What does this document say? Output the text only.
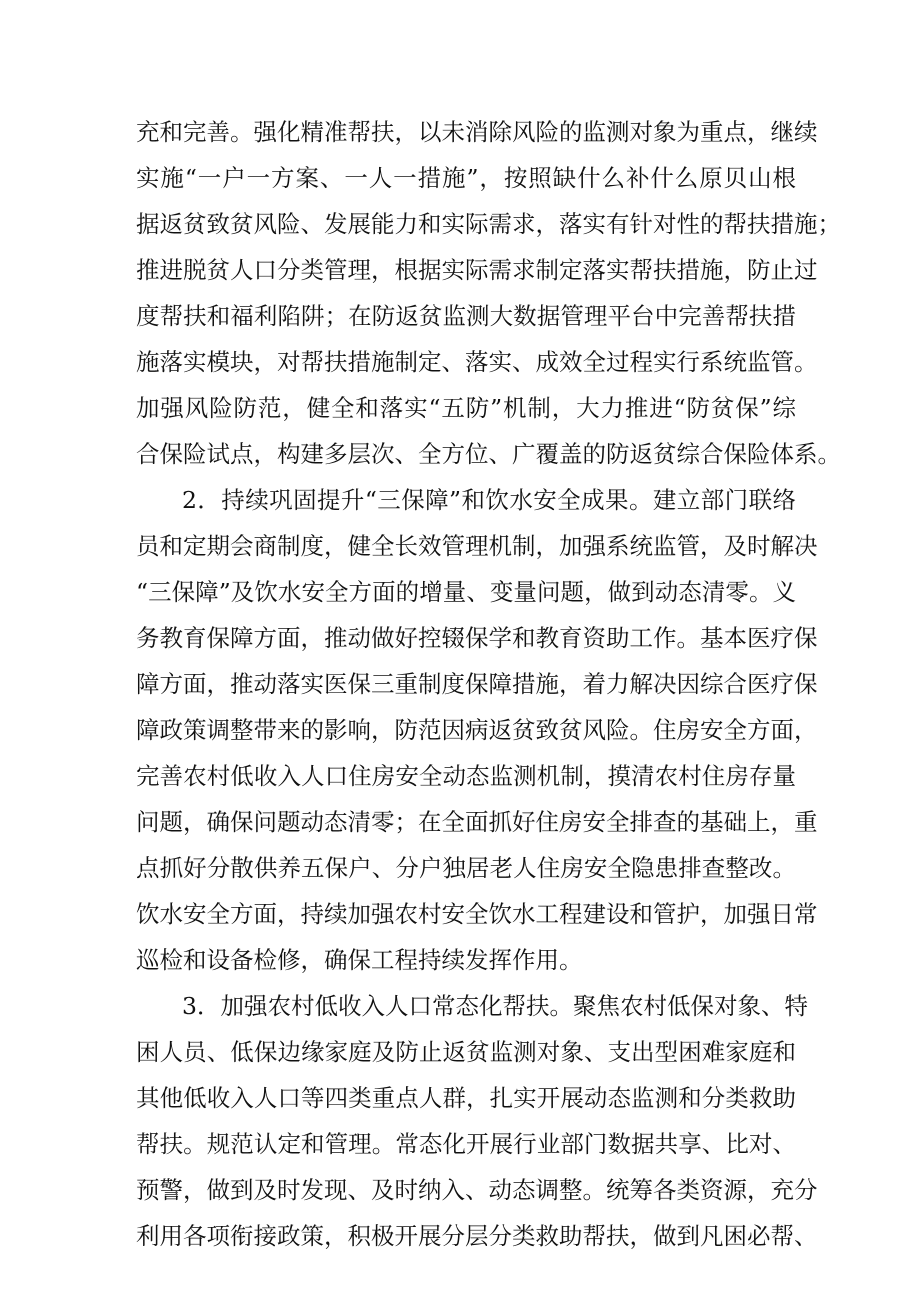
充和完善。强化精准帮扶，以未消除风险的监测对象为重点，继续
实施“一户一方案、一人一措施”，按照缺什么补什么原贝山根
据返贫致贫风险、发展能力和实际需求，落实有针对性的帮扶措施；
推进脱贫人口分类管理，根据实际需求制定落实帮扶措施，防止过
度帮扶和福利陷阱；在防返贫监测大数据管理平台中完善帮扶措
施落实模块，对帮扶措施制定、落实、成效全过程实行系统监管。
加强风险防范，健全和落实“五防”机制，大力推进“防贫保”综
合保险试点，构建多层次、全方位、广覆盖的防返贫综合保险体系。
2．持续巩固提升“三保障”和饮水安全成果。建立部门联络
员和定期会商制度，健全长效管理机制，加强系统监管，及时解决
“三保障”及饮水安全方面的增量、变量问题，做到动态清零。义
务教育保障方面，推动做好控辍保学和教育资助工作。基本医疗保
障方面，推动落实医保三重制度保障措施，着力解决因综合医疗保
障政策调整带来的影响，防范因病返贫致贫风险。住房安全方面，
完善农村低收入人口住房安全动态监测机制，摸清农村住房存量
问题，确保问题动态清零；在全面抓好住房安全排查的基础上，重
点抓好分散供养五保户、分户独居老人住房安全隐患排查整改。
饮水安全方面，持续加强农村安全饮水工程建设和管护，加强日常
巡检和设备检修，确保工程持续发挥作用。
3．加强农村低收入人口常态化帮扶。聚焦农村低保对象、特
困人员、低保边缘家庭及防止返贫监测对象、支出型困难家庭和
其他低收入人口等四类重点人群，扎实开展动态监测和分类救助
帮扶。规范认定和管理。常态化开展行业部门数据共享、比对、
预警，做到及时发现、及时纳入、动态调整。统筹各类资源，充分
利用各项衔接政策，积极开展分层分类救助帮扶，做到凡困必帮、
